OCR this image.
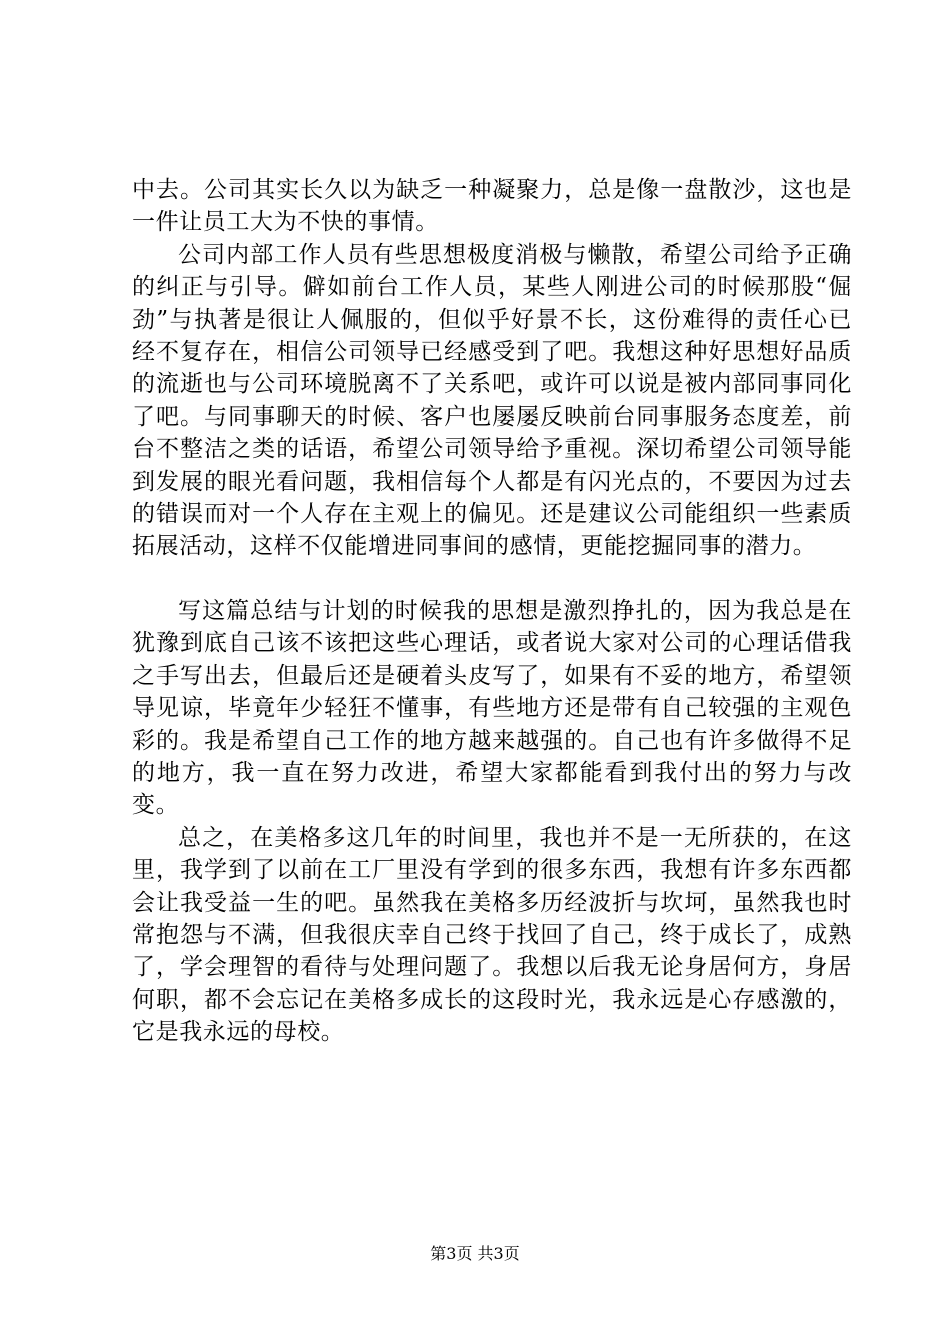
中去。公司其实长久以为缺乏一种凝聚力，总是像一盘散沙，这也是一件让员工大为不快的事情。

公司内部工作人员有些思想极度消极与懒散，希望公司给予正确的纠正与引导。僻如前台工作人员，某些人刚进公司的时候那股“倔劲”与执著是很让人佩服的，但似乎好景不长，这份难得的责任心已经不复存在，相信公司领导已经感受到了吧。我想这种好思想好品质的流逝也与公司环境脱离不了关系吧，或许可以说是被内部同事同化了吧。与同事聊天的时候、客户也屡屡反映前台同事服务态度差，前台不整洁之类的话语，希望公司领导给予重视。深切希望公司领导能到发展的眼光看问题，我相信每个人都是有闪光点的，不要因为过去的错误而对一个人存在主观上的偏见。还是建议公司能组织一些素质拓展活动，这样不仅能增进同事间的感情，更能挖掘同事的潜力。

写这篇总结与计划的时候我的思想是激烈挣扎的，因为我总是在犹豫到底自己该不该把这些心理话，或者说大家对公司的心理话借我之手写出去，但最后还是硬着头皮写了，如果有不妥的地方，希望领导见谅，毕竟年少轻狂不懂事，有些地方还是带有自己较强的主观色彩的。我是希望自己工作的地方越来越强的。自己也有许多做得不足的地方，我一直在努力改进，希望大家都能看到我付出的努力与改变。

总之，在美格多这几年的时间里，我也并不是一无所获的，在这里，我学到了以前在工厂里没有学到的很多东西，我想有许多东西都会让我受益一生的吧。虽然我在美格多历经波折与坎坷，虽然我也时常抱怨与不满，但我很庆幸自己终于找回了自己，终于成长了，成熟了，学会理智的看待与处理问题了。我想以后我无论身居何方，身居何职，都不会忘记在美格多成长的这段时光，我永远是心存感激的，它是我永远的母校。

第3页 共3页
